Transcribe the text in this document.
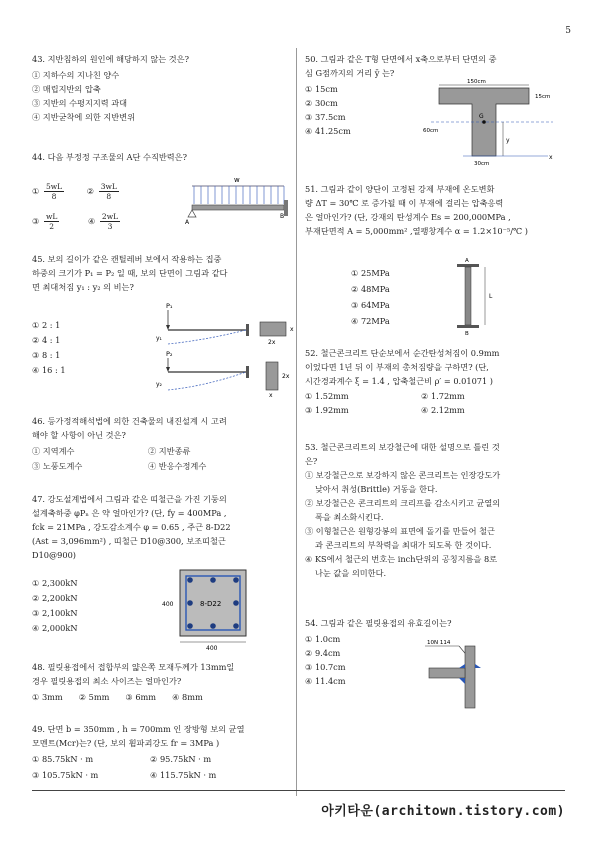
5
43. 지반침하의 원인에 해당하지 않는 것은?
① 지하수의 지나친 양수
② 매립지반의 압축
③ 지반의 수평지지력 과대
④ 지반굳착에 의한 지반변위
44. 다음 부정정 구조물의 A단 수직반력은?
① $\frac{5wL}{8}$	② $\frac{3wL}{8}$
③ $\frac{wL}{2}$	④ $\frac{2wL}{3}$
w
A
B
45. 보의 길이가 같은 캔틸레버 보에서 작용하는 집중
하중의 크기가 P₁ = P₂ 일 때, 보의 단면이 그림과 같다
면 최대처짐 y₁ : y₂ 의 비는?
① 2 : 1
② 4 : 1
③ 8 : 1
④ 16 : 1
P₁
y₁
x
2x
P₂
y₂
2x
x
46. 등가정적해석법에 의한 건축물의 내진설계 시 고려
해야 할 사항이 아닌 것은?
① 지역계수	② 지반종류
③ 노풍도계수	④ 반응수정계수
47. 강도설계법에서 그림과 같은 띠철근을 가진 기둥의
설계축하중 φPₙ 은 약 얼마인가? (단, fy = 400MPa ,
fck = 21MPa , 강도감소계수 φ = 0.65 , 주근 8-D22
(Ast = 3,096mm²) , 띠철근 D10@300, 보조띠철근
D10@900)
① 2,300kN
② 2,200kN
③ 2,100kN
④ 2,000kN
400	8-D22
400
48. 필릿용접에서 접합부의 얇은쪽 모재두께가 13mm일
경우 필릿용접의 최소 사이즈는 얼마인가?
① 3mm ② 5mm ③ 6mm ④ 8mm
49. 단면 b = 350mm , h = 700mm 인 장방형 보의 균열
모멘트(Mcr)는? (단, 보의 휨파괴강도 fr = 3MPa )
① 85.75kN · m	② 95.75kN · m
③ 105.75kN · m	④ 115.75kN · m
50. 그림과 같은 T형 단면에서 x축으로부터 단면의 중
심 G점까지의 거리 ȳ 는?
① 15cm
② 30cm
③ 37.5cm
④ 41.25cm
150cm
15cm
60cm
G
y
x
30cm
51. 그림과 같이 양단이 고정된 강제 부재에 온도변화
량 ΔT = 30℃ 로 증가될 때 이 부재에 걸리는 압축응력
은 얼마인가? (단, 강재의 탄성계수 Es = 200,000MPa ,
부재단면적 A = 5,000mm² ,열팽창계수 α = 1.2×10⁻⁵/℃ )
① 25MPa
② 48MPa
③ 64MPa
④ 72MPa
A
B
L
52. 철근콘크리트 단순보에서 순간탄성처짐이 0.9mm
이었다면 1년 뒤 이 부재의 총처짐량을 구하면? (단,
시간경과계수 ξ = 1.4 , 압축철근비 ρ′ = 0.01071 )
① 1.52mm	② 1.72mm
③ 1.92mm	④ 2.12mm
53. 철근콘크리트의 보강철근에 대한 설명으로 틀린 것
은?
① 보강철근으로 보강하지 않은 콘크리트는 인장강도가
낮아서 취성(Brittle) 거동을 한다.
② 보강철근은 콘크리트의 크리프를 감소시키고 균열의
폭을 최소화시킨다.
③ 이형철근은 원형강봉의 표면에 돌기를 만들어 철근
과 콘크리트의 부착력을 최대가 되도록 한 것이다.
④ KS에서 철근의 번호는 inch단위의 공칭지름을 8로
나눈 값을 의미한다.
54. 그림과 같은 필릿용접의 유효길이는?
① 1.0cm
② 9.4cm
③ 10.7cm
④ 11.4cm
10N 114
아키타운(architown.tistory.com)
